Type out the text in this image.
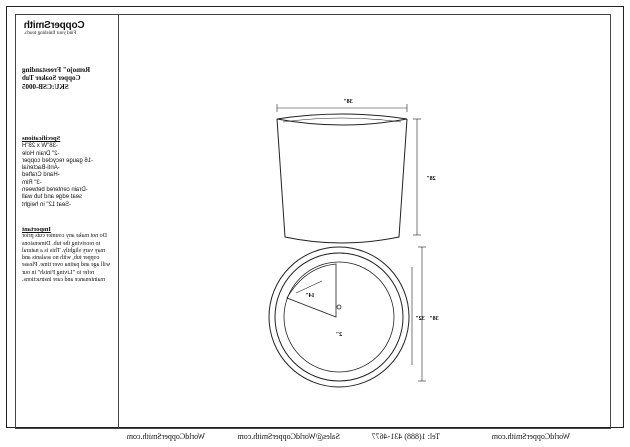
CopperSmith
Find your finishing touch.
Remojo" Freestanding
Copper Soaker Tub
SKU:CSB-0005
Specifications
-38"W x 28"H
-2" Drain Hole
-16 gauge recycled copper
-Anti-Bacterial
-Hand Crafted
-3" Rim
-Drain centered between
seat edge and tub wall
-Seat 12" in height
Important
Do not make any counter cuts prior
to receiving the tub. Dimensions
may vary slightly. This is a natural
copper tub, with no sealants and
will age and patina over time. Please
refer to "Living Finish" in our
maintenance and care instructions.
38"
28"
14"
2"
32" 38"
WorldCopperSmith.com
Tel: 1(888) 431-4677
Sales@WorldCopperSmith.com
WorldCopperSmith.com
